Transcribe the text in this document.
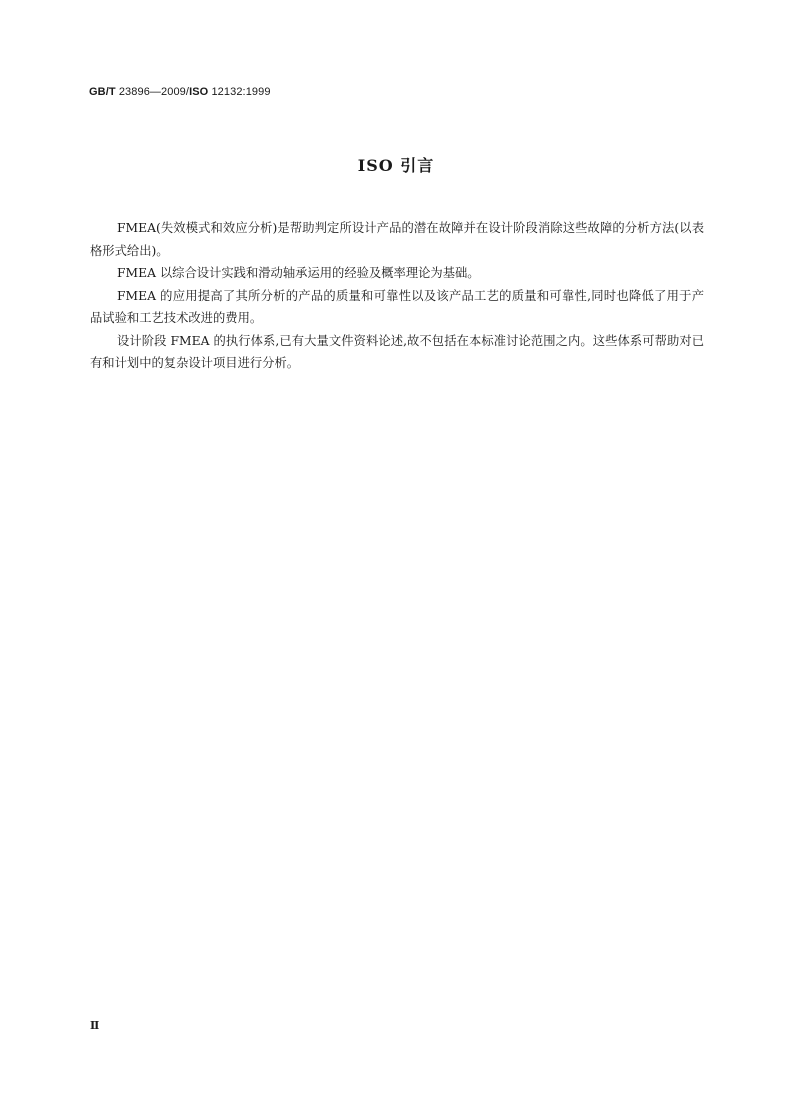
GB/T 23896—2009/ISO 12132:1999
ISO 引言

FMEA(失效模式和效应分析)是帮助判定所设计产品的潜在故障并在设计阶段消除这些故障的分析方法(以表格形式给出)。

FMEA 以综合设计实践和滑动轴承运用的经验及概率理论为基础。

FMEA 的应用提高了其所分析的产品的质量和可靠性以及该产品工艺的质量和可靠性,同时也降低了用于产品试验和工艺技术改进的费用。

设计阶段 FMEA 的执行体系,已有大量文件资料论述,故不包括在本标准讨论范围之内。这些体系可帮助对已有和计划中的复杂设计项目进行分析。

Ⅱ
